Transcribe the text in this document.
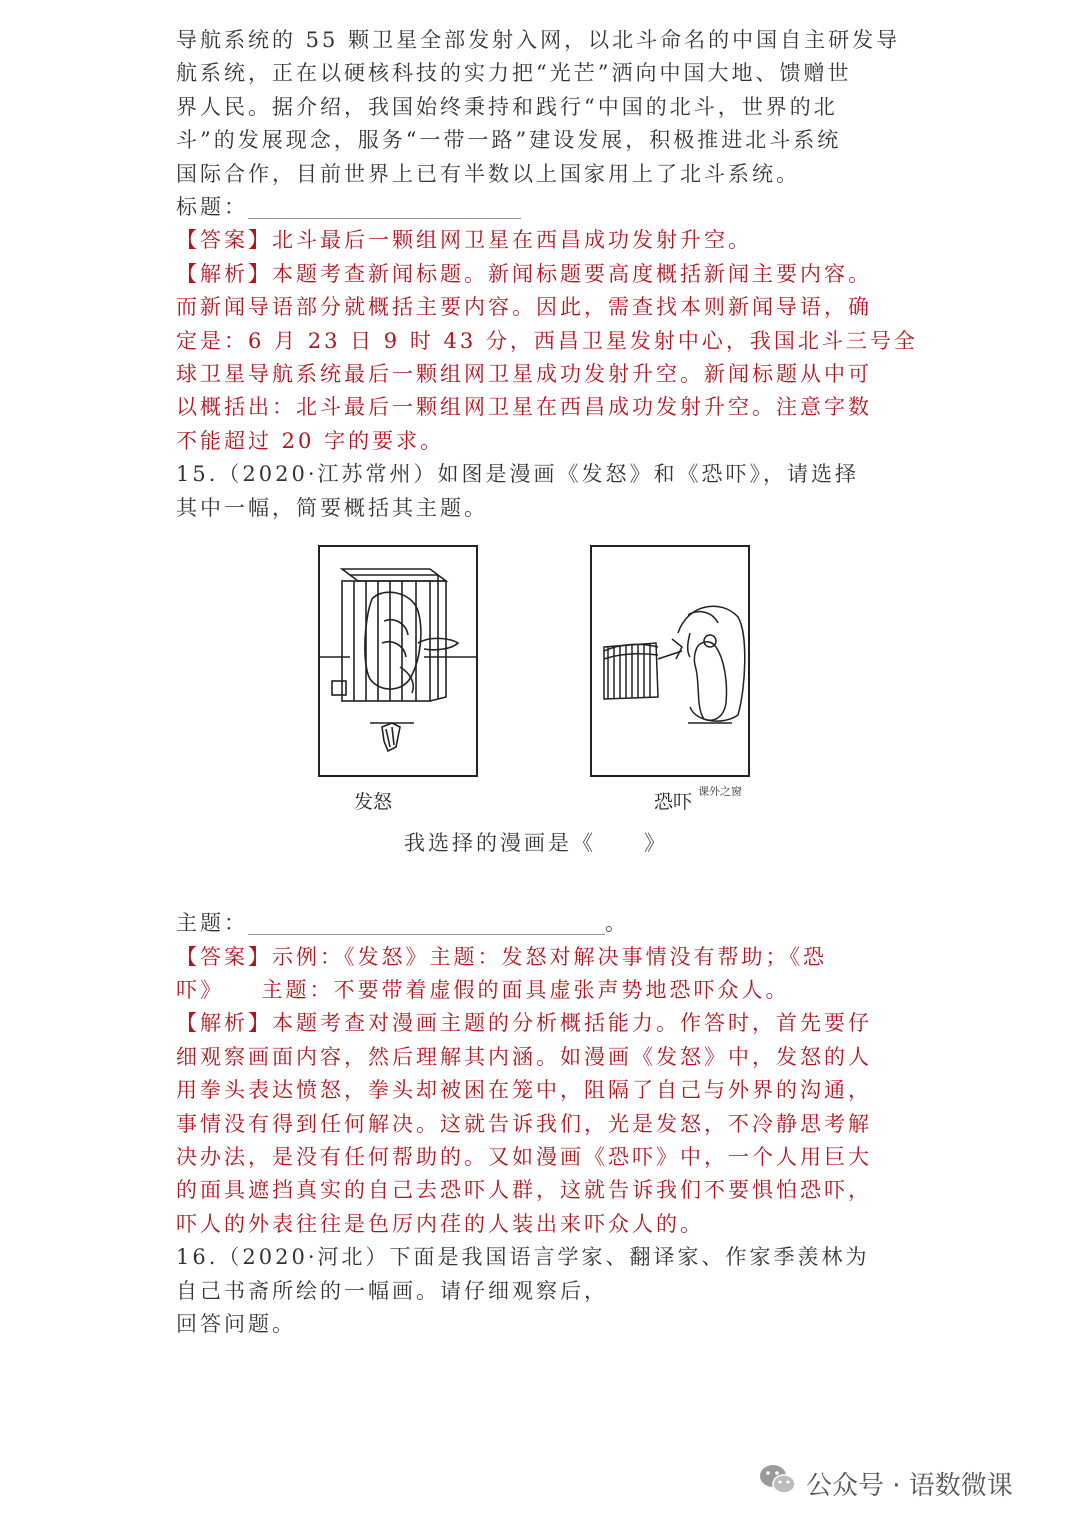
导航系统的 55 颗卫星全部发射入网，以北斗命名的中国自主研发导

航系统，正在以硬核科技的实力把“光芒”洒向中国大地、馈赠世

界人民。据介绍，我国始终秉持和践行“中国的北斗，世界的北

斗”的发展现念，服务“一带一路”建设发展，积极推进北斗系统

国际合作，目前世界上已有半数以上国家用上了北斗系统。

标题：__________________________

【答案】北斗最后一颗组网卫星在西昌成功发射升空。

【解析】本题考查新闻标题。新闻标题要高度概括新闻主要内容。

而新闻导语部分就概括主要内容。因此，需查找本则新闻导语，确

定是：6 月 23 日 9 时 43 分，西昌卫星发射中心，我国北斗三号全

球卫星导航系统最后一颗组网卫星成功发射升空。新闻标题从中可

以概括出：北斗最后一颗组网卫星在西昌成功发射升空。注意字数

不能超过 20 字的要求。

15.（2020·江苏常州）如图是漫画《发怒》和《恐吓》，请选择

其中一幅，简要概括其主题。

发怒	恐吓 课外之窗
我选择的漫画是《　　》

主题：__________________________________。

【答案】示例：《发怒》主题：发怒对解决事情没有帮助；《恐

吓》　　主题：不要带着虚假的面具虚张声势地恐吓众人。

【解析】本题考查对漫画主题的分析概括能力。作答时，首先要仔

细观察画面内容，然后理解其内涵。如漫画《发怒》中，发怒的人

用拳头表达愤怒，拳头却被困在笼中，阻隔了自己与外界的沟通，

事情没有得到任何解决。这就告诉我们，光是发怒，不冷静思考解

决办法，是没有任何帮助的。又如漫画《恐吓》中，一个人用巨大

的面具遮挡真实的自己去恐吓人群，这就告诉我们不要惧怕恐吓，

吓人的外表往往是色厉内荏的人装出来吓众人的。

16.（2020·河北）下面是我国语言学家、翻译家、作家季羡林为

自己书斋所绘的一幅画。请仔细观察后，

回答问题。

公众号 · 语数微课
